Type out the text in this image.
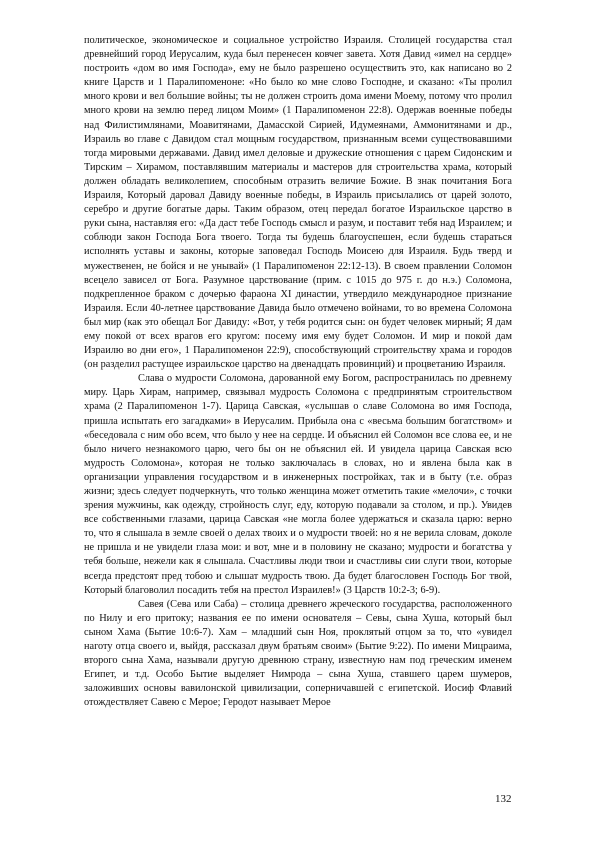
политическое, экономическое и социальное устройство Израиля. Столицей государства стал древнейший город Иерусалим, куда был перенесен ковчег завета. Хотя Давид «имел на сердце» построить «дом во имя Господа», ему не было разрешено осуществить это, как написано во 2 книге Царств и 1 Паралипоменоне: «Но было ко мне слово Господне, и сказано: «Ты пролил много крови и вел большие войны; ты не должен строить дома имени Моему, потому что пролил много крови на землю перед лицом Моим» (1 Паралипоменон 22:8). Одержав военные победы над Филистимлянами, Моавитянами, Дамасской Сирией, Идумеянами, Аммонитянами и др., Израиль во главе с Давидом стал мощным государством, признанным всеми существовавшими тогда мировыми державами. Давид имел деловые и дружеские отношения с царем Сидонским и Тирским – Хирамом, поставлявшим материалы и мастеров для строительства храма, который должен обладать великолепием, способным отразить величие Божие. В знак почитания Бога Израиля, Который даровал Давиду военные победы, в Израиль присылались от царей золото, серебро и другие богатые дары. Таким образом, отец передал богатое Израильское царство в руки сына, наставляя его: «Да даст тебе Господь смысл и разум, и поставит тебя над Израилем; и соблюди закон Господа Бога твоего. Тогда ты будешь благоуспешен, если будешь стараться исполнять уставы и законы, которые заповедал Господь Моисею для Израиля. Будь тверд и мужественен, не бойся и не унывай» (1 Паралипоменон 22:12-13). В своем правлении Соломон всецело зависел от Бога. Разумное царствование (прим. с 1015 до 975 г. до н.э.) Соломона, подкрепленное браком с дочерью фараона XI династии, утвердило международное признание Израиля. Если 40-летнее царствование Давида было отмечено войнами, то во времена Соломона был мир (как это обещал Бог Давиду: «Вот, у тебя родится сын: он будет человек мирный; Я дам ему покой от всех врагов его кругом: посему имя ему будет Соломон. И мир и покой дам Израилю во дни его», 1 Паралипоменон 22:9), способствующий строительству храма и городов (он разделил растущее израильское царство на двенадцать провинций) и процветанию Израиля.

Слава о мудрости Соломона, дарованной ему Богом, распространилась по древнему миру. Царь Хирам, например, связывал мудрость Соломона с предпринятым строительством храма (2 Паралипоменон 1-7). Царица Савская, «услышав о славе Соломона во имя Господа, пришла испытать его загадками» в Иерусалим. Прибыла она с «весьма большим богатством» и «беседовала с ним обо всем, что было у нее на сердце. И объяснил ей Соломон все слова ее, и не было ничего незнакомого царю, чего бы он не объяснил ей. И увидела царица Савская всю мудрость Соломона», которая не только заключалась в словах, но и явлена была как в организации управления государством и в инженерных постройках, так и в быту (т.е. образ жизни; здесь следует подчеркнуть, что только женщина может отметить такие «мелочи», с точки зрения мужчины, как одежду, стройность слуг, еду, которую подавали за столом, и пр.). Увидев все собственными глазами, царица Савская «не могла более удержаться и сказала царю: верно то, что я слышала в земле своей о делах твоих и о мудрости твоей: но я не верила словам, доколе не пришла и не увидели глаза мои: и вот, мне и в половину не сказано; мудрости и богатства у тебя больше, нежели как я слышала. Счастливы люди твои и счастливы сии слуги твои, которые всегда предстоят пред тобою и слышат мудрость твою. Да будет благословен Господь Бог твой, Который благоволил посадить тебя на престол Израилев!» (3 Царств 10:2-3; 6-9).

Савея (Сева или Саба) – столица древнего жреческого государства, расположенного по Нилу и его притоку; названия ее по имени основателя – Севы, сына Хуша, который был сыном Хама (Бытие 10:6-7). Хам – младший сын Ноя, проклятый отцом за то, что «увидел наготу отца своего и, выйдя, рассказал двум братьям своим» (Бытие 9:22). По имени Мицраима, второго сына Хама, называли другую древнюю страну, известную нам под греческим именем Египет, и т.д. Особо Бытие выделяет Нимрода – сына Хуша, ставшего царем шумеров, заложивших основы вавилонской цивилизации, соперничавшей с египетской. Иосиф Флавий отождествляет Савею с Мерое; Геродот называет Мерое

132
